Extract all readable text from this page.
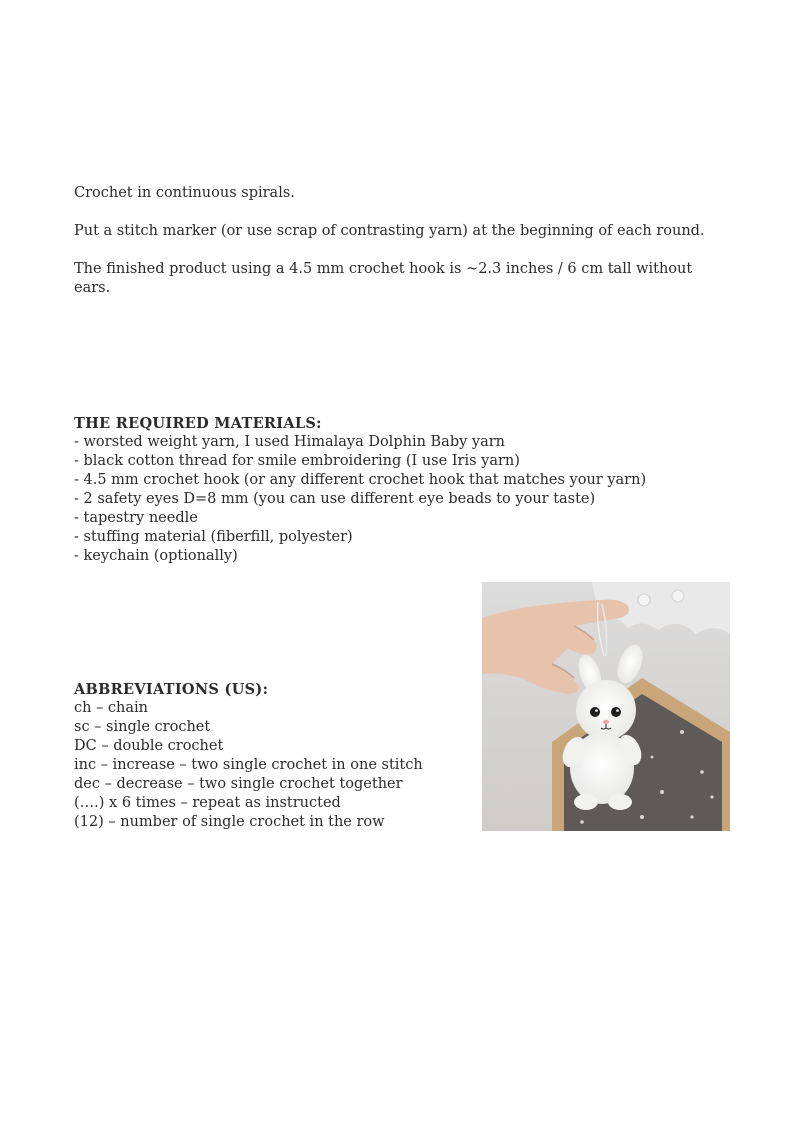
Crochet in continuous spirals.

Put a stitch marker (or use scrap of contrasting yarn) at the beginning of each round.

The finished product using a 4.5 mm crochet hook is ~2.3 inches / 6 cm tall without ears.

THE REQUIRED MATERIALS:
- worsted weight yarn, I used Himalaya Dolphin Baby yarn
- black cotton thread for smile embroidering (I use Iris yarn)
- 4.5 mm crochet hook (or any different crochet hook that matches your yarn)
- 2 safety eyes D=8 mm (you can use different eye beads to your taste)
- tapestry needle
- stuffing material (fiberfill, polyester)
- keychain (optionally)
ABBREVIATIONS (US):
ch – chain
sc – single crochet
DC – double crochet
inc – increase – two single crochet in one stitch
dec – decrease – two single crochet together
(….) x 6 times – repeat as instructed
(12) – number of single crochet in the row
